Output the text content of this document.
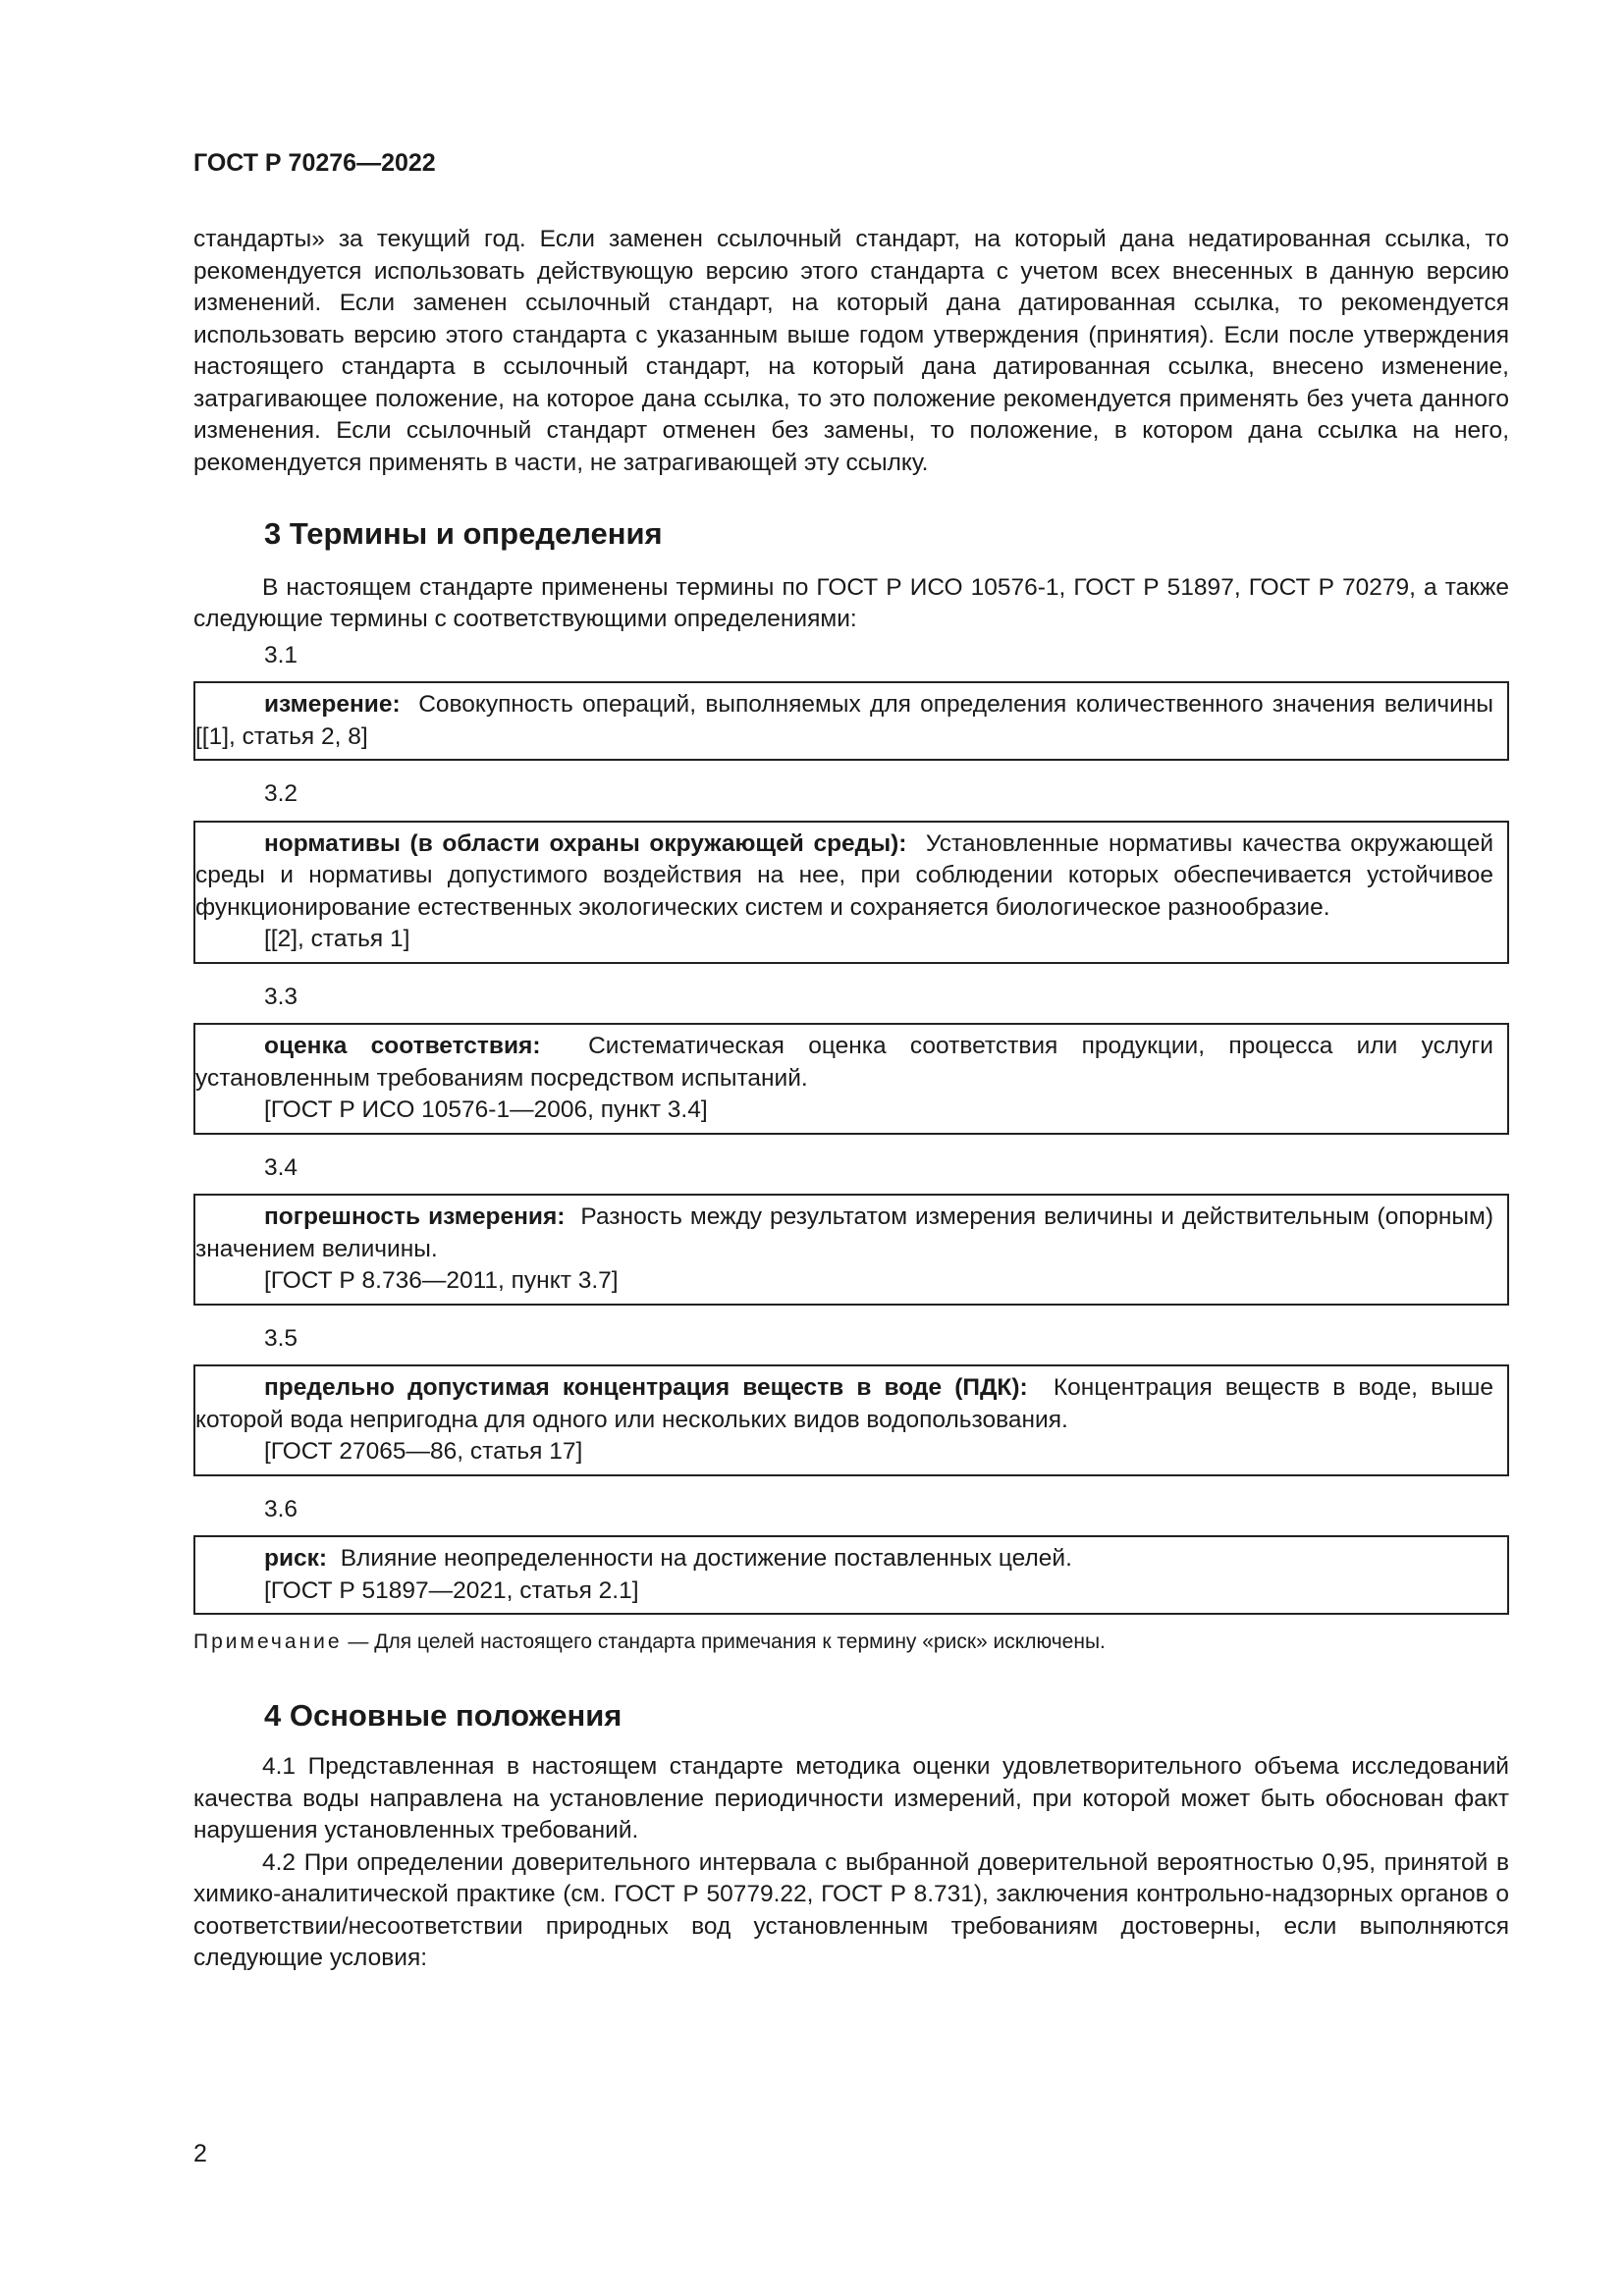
ГОСТ Р 70276—2022

стандарты» за текущий год. Если заменен ссылочный стандарт, на который дана недатированная ссылка, то рекомендуется использовать действующую версию этого стандарта с учетом всех внесенных в данную версию изменений. Если заменен ссылочный стандарт, на который дана датированная ссылка, то рекомендуется использовать версию этого стандарта с указанным выше годом утверждения (принятия). Если после утверждения настоящего стандарта в ссылочный стандарт, на который дана датированная ссылка, внесено изменение, затрагивающее положение, на которое дана ссылка, то это положение рекомендуется применять без учета данного изменения. Если ссылочный стандарт отменен без замены, то положение, в котором дана ссылка на него, рекомендуется применять в части, не затрагивающей эту ссылку.

3 Термины и определения

В настоящем стандарте применены термины по ГОСТ Р ИСО 10576-1, ГОСТ Р 51897, ГОСТ Р 70279, а также следующие термины с соответствующими определениями:

3.1
измерение: Совокупность операций, выполняемых для определения количественного значения величины [[1], статья 2, 8]
3.2
нормативы (в области охраны окружающей среды): Установленные нормативы качества окружающей среды и нормативы допустимого воздействия на нее, при соблюдении которых обеспечивается устойчивое функционирование естественных экологических систем и сохраняется биологическое разнообразие.
[[2], статья 1]
3.3
оценка соответствия: Систематическая оценка соответствия продукции, процесса или услуги установленным требованиям посредством испытаний.
[ГОСТ Р ИСО 10576-1—2006, пункт 3.4]
3.4
погрешность измерения: Разность между результатом измерения величины и действительным (опорным) значением величины.
[ГОСТ Р 8.736—2011, пункт 3.7]
3.5
предельно допустимая концентрация веществ в воде (ПДК): Концентрация веществ в воде, выше которой вода непригодна для одного или нескольких видов водопользования.
[ГОСТ 27065—86, статья 17]
3.6
риск: Влияние неопределенности на достижение поставленных целей.
[ГОСТ Р 51897—2021, статья 2.1]

Примечание — Для целей настоящего стандарта примечания к термину «риск» исключены.

4 Основные положения

4.1 Представленная в настоящем стандарте методика оценки удовлетворительного объема исследований качества воды направлена на установление периодичности измерений, при которой может быть обоснован факт нарушения установленных требований.

4.2 При определении доверительного интервала с выбранной доверительной вероятностью 0,95, принятой в химико-аналитической практике (см. ГОСТ Р 50779.22, ГОСТ Р 8.731), заключения контрольно-надзорных органов о соответствии/несоответствии природных вод установленным требованиям достоверны, если выполняются следующие условия:

2
